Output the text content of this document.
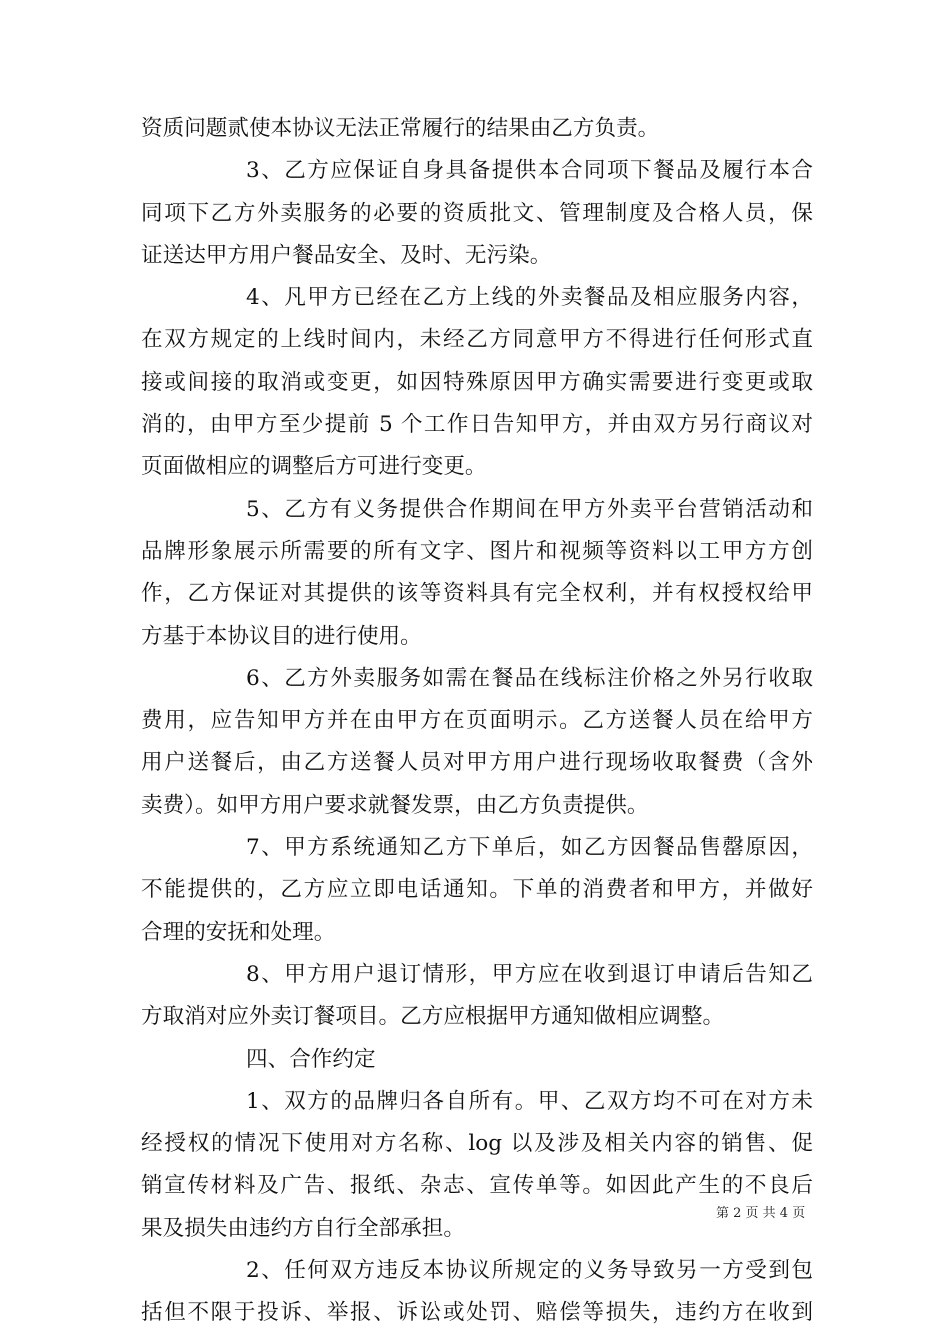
资质问题贰使本协议无法正常履行的结果由乙方负责。
3、乙方应保证自身具备提供本合同项下餐品及履行本合
同项下乙方外卖服务的必要的资质批文、管理制度及合格人员，保
证送达甲方用户餐品安全、及时、无污染。
4、凡甲方已经在乙方上线的外卖餐品及相应服务内容，
在双方规定的上线时间内，未经乙方同意甲方不得进行任何形式直
接或间接的取消或变更，如因特殊原因甲方确实需要进行变更或取
消的，由甲方至少提前 5 个工作日告知甲方，并由双方另行商议对
页面做相应的调整后方可进行变更。
5、乙方有义务提供合作期间在甲方外卖平台营销活动和
品牌形象展示所需要的所有文字、图片和视频等资料以工甲方方创
作，乙方保证对其提供的该等资料具有完全权利，并有权授权给甲
方基于本协议目的进行使用。
6、乙方外卖服务如需在餐品在线标注价格之外另行收取
费用，应告知甲方并在由甲方在页面明示。乙方送餐人员在给甲方
用户送餐后，由乙方送餐人员对甲方用户进行现场收取餐费（含外
卖费）。如甲方用户要求就餐发票，由乙方负责提供。
7、甲方系统通知乙方下单后，如乙方因餐品售罄原因，
不能提供的，乙方应立即电话通知。下单的消费者和甲方，并做好
合理的安抚和处理。
8、甲方用户退订情形，甲方应在收到退订申请后告知乙
方取消对应外卖订餐项目。乙方应根据甲方通知做相应调整。
四、合作约定
1、双方的品牌归各自所有。甲、乙双方均不可在对方未
经授权的情况下使用对方名称、log 以及涉及相关内容的销售、促
销宣传材料及广告、报纸、杂志、宣传单等。如因此产生的不良后
果及损失由违约方自行全部承担。
2、任何双方违反本协议所规定的义务导致另一方受到包
括但不限于投诉、举报、诉讼或处罚、赔偿等损失，违约方在收到
第 2 页 共 4 页
